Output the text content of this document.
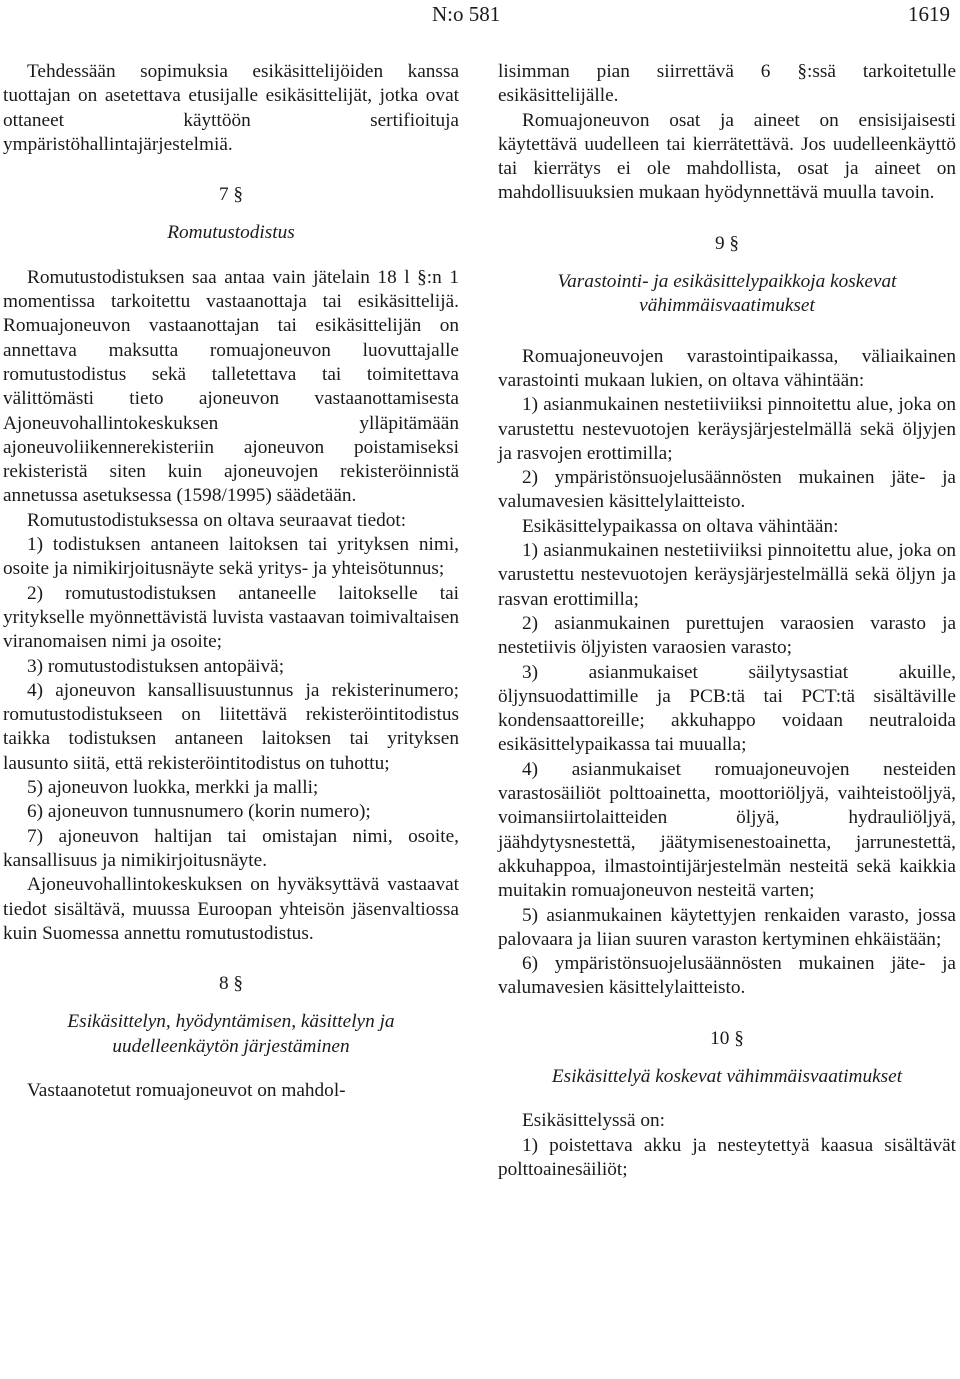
N:o 581	1619

Tehdessään sopimuksia esikäsittelijöiden kanssa tuottajan on asetettava etusijalle esikäsittelijät, jotka ovat ottaneet käyttöön sertifioituja ympäristöhallintajärjestelmiä.

7 §

Romutustodistus

Romutustodistuksen saa antaa vain jätelain 18 l §:n 1 momentissa tarkoitettu vastaanottaja tai esikäsittelijä. Romuajoneuvon vastaanottajan tai esikäsittelijän on annettava maksutta romuajoneuvon luovuttajalle romutustodistus sekä talletettava tai toimitettava välittömästi tieto ajoneuvon vastaanottamisesta Ajoneuvohallintokeskuksen ylläpitämään ajoneuvoliikennerekisteriin ajoneuvon poistamiseksi rekisteristä siten kuin ajoneuvojen rekisteröinnistä annetussa asetuksessa (1598/1995) säädetään.

Romutustodistuksessa on oltava seuraavat tiedot:

1) todistuksen antaneen laitoksen tai yrityksen nimi, osoite ja nimikirjoitusnäyte sekä yritys- ja yhteisötunnus;

2) romutustodistuksen antaneelle laitokselle tai yritykselle myönnettävistä luvista vastaavan toimivaltaisen viranomaisen nimi ja osoite;

3) romutustodistuksen antopäivä;

4) ajoneuvon kansallisuustunnus ja rekisterinumero; romutustodistukseen on liitettävä rekisteröintitodistus taikka todistuksen antaneen laitoksen tai yrityksen lausunto siitä, että rekisteröintitodistus on tuhottu;

5) ajoneuvon luokka, merkki ja malli;

6) ajoneuvon tunnusnumero (korin numero);

7) ajoneuvon haltijan tai omistajan nimi, osoite, kansallisuus ja nimikirjoitusnäyte.

Ajoneuvohallintokeskuksen on hyväksyttävä vastaavat tiedot sisältävä, muussa Euroopan yhteisön jäsenvaltiossa kuin Suomessa annettu romutustodistus.

8 §

Esikäsittelyn, hyödyntämisen, käsittelyn ja uudelleenkäytön järjestäminen

Vastaanotetut romuajoneuvot on mahdol-

lisimman pian siirrettävä 6 §:ssä tarkoitetulle esikäsittelijälle.

Romuajoneuvon osat ja aineet on ensisijaisesti käytettävä uudelleen tai kierrätettävä. Jos uudelleenkäyttö tai kierrätys ei ole mahdollista, osat ja aineet on mahdollisuuksien mukaan hyödynnettävä muulla tavoin.

9 §

Varastointi- ja esikäsittelypaikkoja koskevat vähimmäisvaatimukset

Romuajoneuvojen varastointipaikassa, väliaikainen varastointi mukaan lukien, on oltava vähintään:

1) asianmukainen nestetiiviiksi pinnoitettu alue, joka on varustettu nestevuotojen keräysjärjestelmällä sekä öljyjen ja rasvojen erottimilla;

2) ympäristönsuojelusäännösten mukainen jäte- ja valumavesien käsittelylaitteisto.

Esikäsittelypaikassa on oltava vähintään:

1) asianmukainen nestetiiviiksi pinnoitettu alue, joka on varustettu nestevuotojen keräysjärjestelmällä sekä öljyn ja rasvan erottimilla;

2) asianmukainen purettujen varaosien varasto ja nestetiivis öljyisten varaosien varasto;

3) asianmukaiset säilytysastiat akuille, öljynsuodattimille ja PCB:tä tai PCT:tä sisältäville kondensaattoreille; akkuhappo voidaan neutraloida esikäsittelypaikassa tai muualla;

4) asianmukaiset romuajoneuvojen nesteiden varastosäiliöt polttoainetta, moottoriöljyä, vaihteistoöljyä, voimansiirtolaitteiden öljyä, hydrauliöljyä, jäähdytysnestettä, jäätymisenestoainetta, jarrunestettä, akkuhappoa, ilmastointijärjestelmän nesteitä sekä kaikkia muitakin romuajoneuvon nesteitä varten;

5) asianmukainen käytettyjen renkaiden varasto, jossa palovaara ja liian suuren varaston kertyminen ehkäistään;

6) ympäristönsuojelusäännösten mukainen jäte- ja valumavesien käsittelylaitteisto.

10 §

Esikäsittelyä koskevat vähimmäisvaatimukset

Esikäsittelyssä on:

1) poistettava akku ja nesteytettyä kaasua sisältävät polttoainesäiliöt;
